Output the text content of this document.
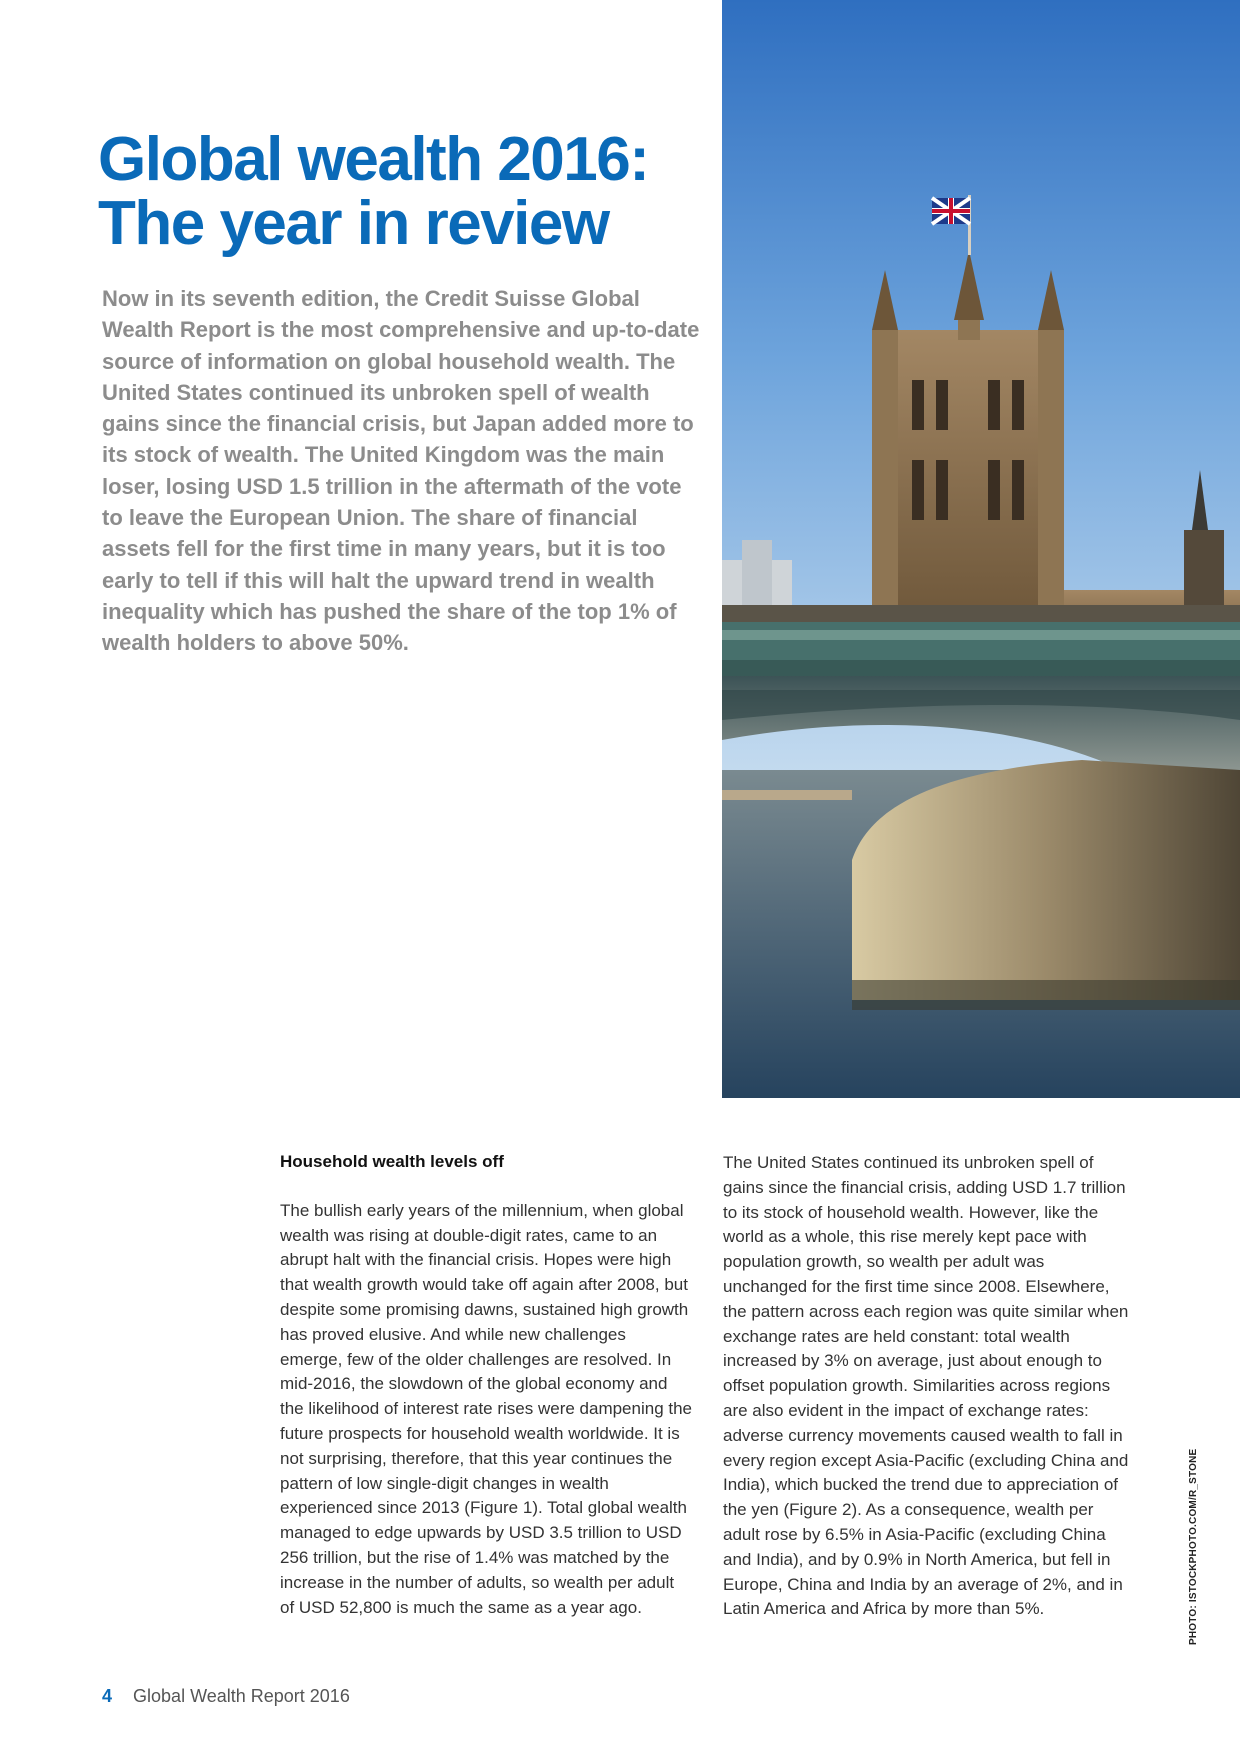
Global wealth 2016:
The year in review

Now in its seventh edition, the Credit Suisse Global Wealth Report is the most comprehensive and up-to-date source of information on global household wealth. The United States continued its unbroken spell of wealth gains since the financial crisis, but Japan added more to its stock of wealth. The United Kingdom was the main loser, losing USD 1.5 trillion in the aftermath of the vote to leave the European Union. The share of financial assets fell for the first time in many years, but it is too early to tell if this will halt the upward trend in wealth inequality which has pushed the share of the top 1% of wealth holders to above 50%.

Household wealth levels off

The bullish early years of the millennium, when global wealth was rising at double-digit rates, came to an abrupt halt with the financial crisis. Hopes were high that wealth growth would take off again after 2008, but despite some promising dawns, sustained high growth has proved elusive. And while new challenges emerge, few of the older challenges are resolved. In mid-2016, the slowdown of the global economy and the likelihood of interest rate rises were dampening the future prospects for household wealth worldwide. It is not surprising, therefore, that this year continues the pattern of low single-digit changes in wealth experienced since 2013 (Figure 1). Total global wealth managed to edge upwards by USD 3.5 trillion to USD 256 trillion, but the rise of 1.4% was matched by the increase in the number of adults, so wealth per adult of USD 52,800 is much the same as a year ago.

The United States continued its unbroken spell of gains since the financial crisis, adding USD 1.7 trillion to its stock of household wealth. However, like the world as a whole, this rise merely kept pace with population growth, so wealth per adult was unchanged for the first time since 2008. Elsewhere, the pattern across each region was quite similar when exchange rates are held constant: total wealth increased by 3% on average, just about enough to offset population growth. Similarities across regions are also evident in the impact of exchange rates: adverse currency movements caused wealth to fall in every region except Asia-Pacific (excluding China and India), which bucked the trend due to appreciation of the yen (Figure 2). As a consequence, wealth per adult rose by 6.5% in Asia-Pacific (excluding China and India), and by 0.9% in North America, but fell in Europe, China and India by an average of 2%, and in Latin America and Africa by more than 5%.	PHOTO: ISTOCKPHOTO.COM/R_STONE
4 Global Wealth Report 2016
